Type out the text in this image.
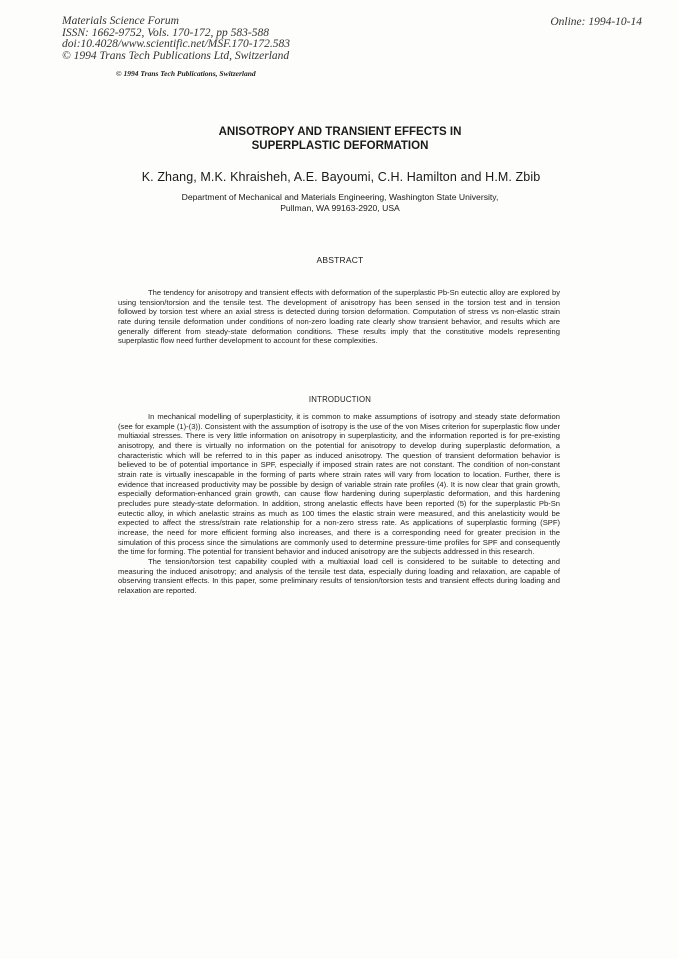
Materials Science Forum
ISSN: 1662-9752, Vols. 170-172, pp 583-588
doi:10.4028/www.scientific.net/MSF.170-172.583
© 1994 Trans Tech Publications Ltd, Switzerland
Online: 1994-10-14
© 1994 Trans Tech Publications, Switzerland
ANISOTROPY AND TRANSIENT EFFECTS IN
SUPERPLASTIC DEFORMATION
K. Zhang, M.K. Khraisheh, A.E. Bayoumi, C.H. Hamilton and H.M. Zbib
Department of Mechanical and Materials Engineering, Washington State University,
Pullman, WA 99163-2920, USA
ABSTRACT

The tendency for anisotropy and transient effects with deformation of the superplastic Pb-Sn eutectic alloy are explored by using tension/torsion and the tensile test. The development of anisotropy has been sensed in the torsion test and in tension followed by torsion test where an axial stress is detected during torsion deformation. Computation of stress vs non-elastic strain rate during tensile deformation under conditions of non-zero loading rate clearly show transient behavior, and results which are generally different from steady-state deformation conditions. These results imply that the constitutive models representing superplastic flow need further development to account for these complexities.

INTRODUCTION

In mechanical modelling of superplasticity, it is common to make assumptions of isotropy and steady state deformation (see for example (1)-(3)). Consistent with the assumption of isotropy is the use of the von Mises criterion for superplastic flow under multiaxial stresses. There is very little information on anisotropy in superplasticity, and the information reported is for pre-existing anisotropy, and there is virtually no information on the potential for anisotropy to develop during superplastic deformation, a characteristic which will be referred to in this paper as induced anisotropy. The question of transient deformation behavior is believed to be of potential importance in SPF, especially if imposed strain rates are not constant. The condition of non-constant strain rate is virtually inescapable in the forming of parts where strain rates will vary from location to location. Further, there is evidence that increased productivity may be possible by design of variable strain rate profiles (4). It is now clear that grain growth, especially deformation-enhanced grain growth, can cause flow hardening during superplastic deformation, and this hardening precludes pure steady-state deformation. In addition, strong anelastic effects have been reported (5) for the superplastic Pb-Sn eutectic alloy, in which anelastic strains as much as 100 times the elastic strain were measured, and this anelasticity would be expected to affect the stress/strain rate relationship for a non-zero stress rate. As applications of superplastic forming (SPF) increase, the need for more efficient forming also increases, and there is a corresponding need for greater precision in the simulation of this process since the simulations are commonly used to determine pressure-time profiles for SPF and consequently the time for forming. The potential for transient behavior and induced anisotropy are the subjects addressed in this research.

The tension/torsion test capability coupled with a multiaxial load cell is considered to be suitable to detecting and measuring the induced anisotropy; and analysis of the tensile test data, especially during loading and relaxation, are capable of observing transient effects. In this paper, some preliminary results of tension/torsion tests and transient effects during loading and relaxation are reported.
